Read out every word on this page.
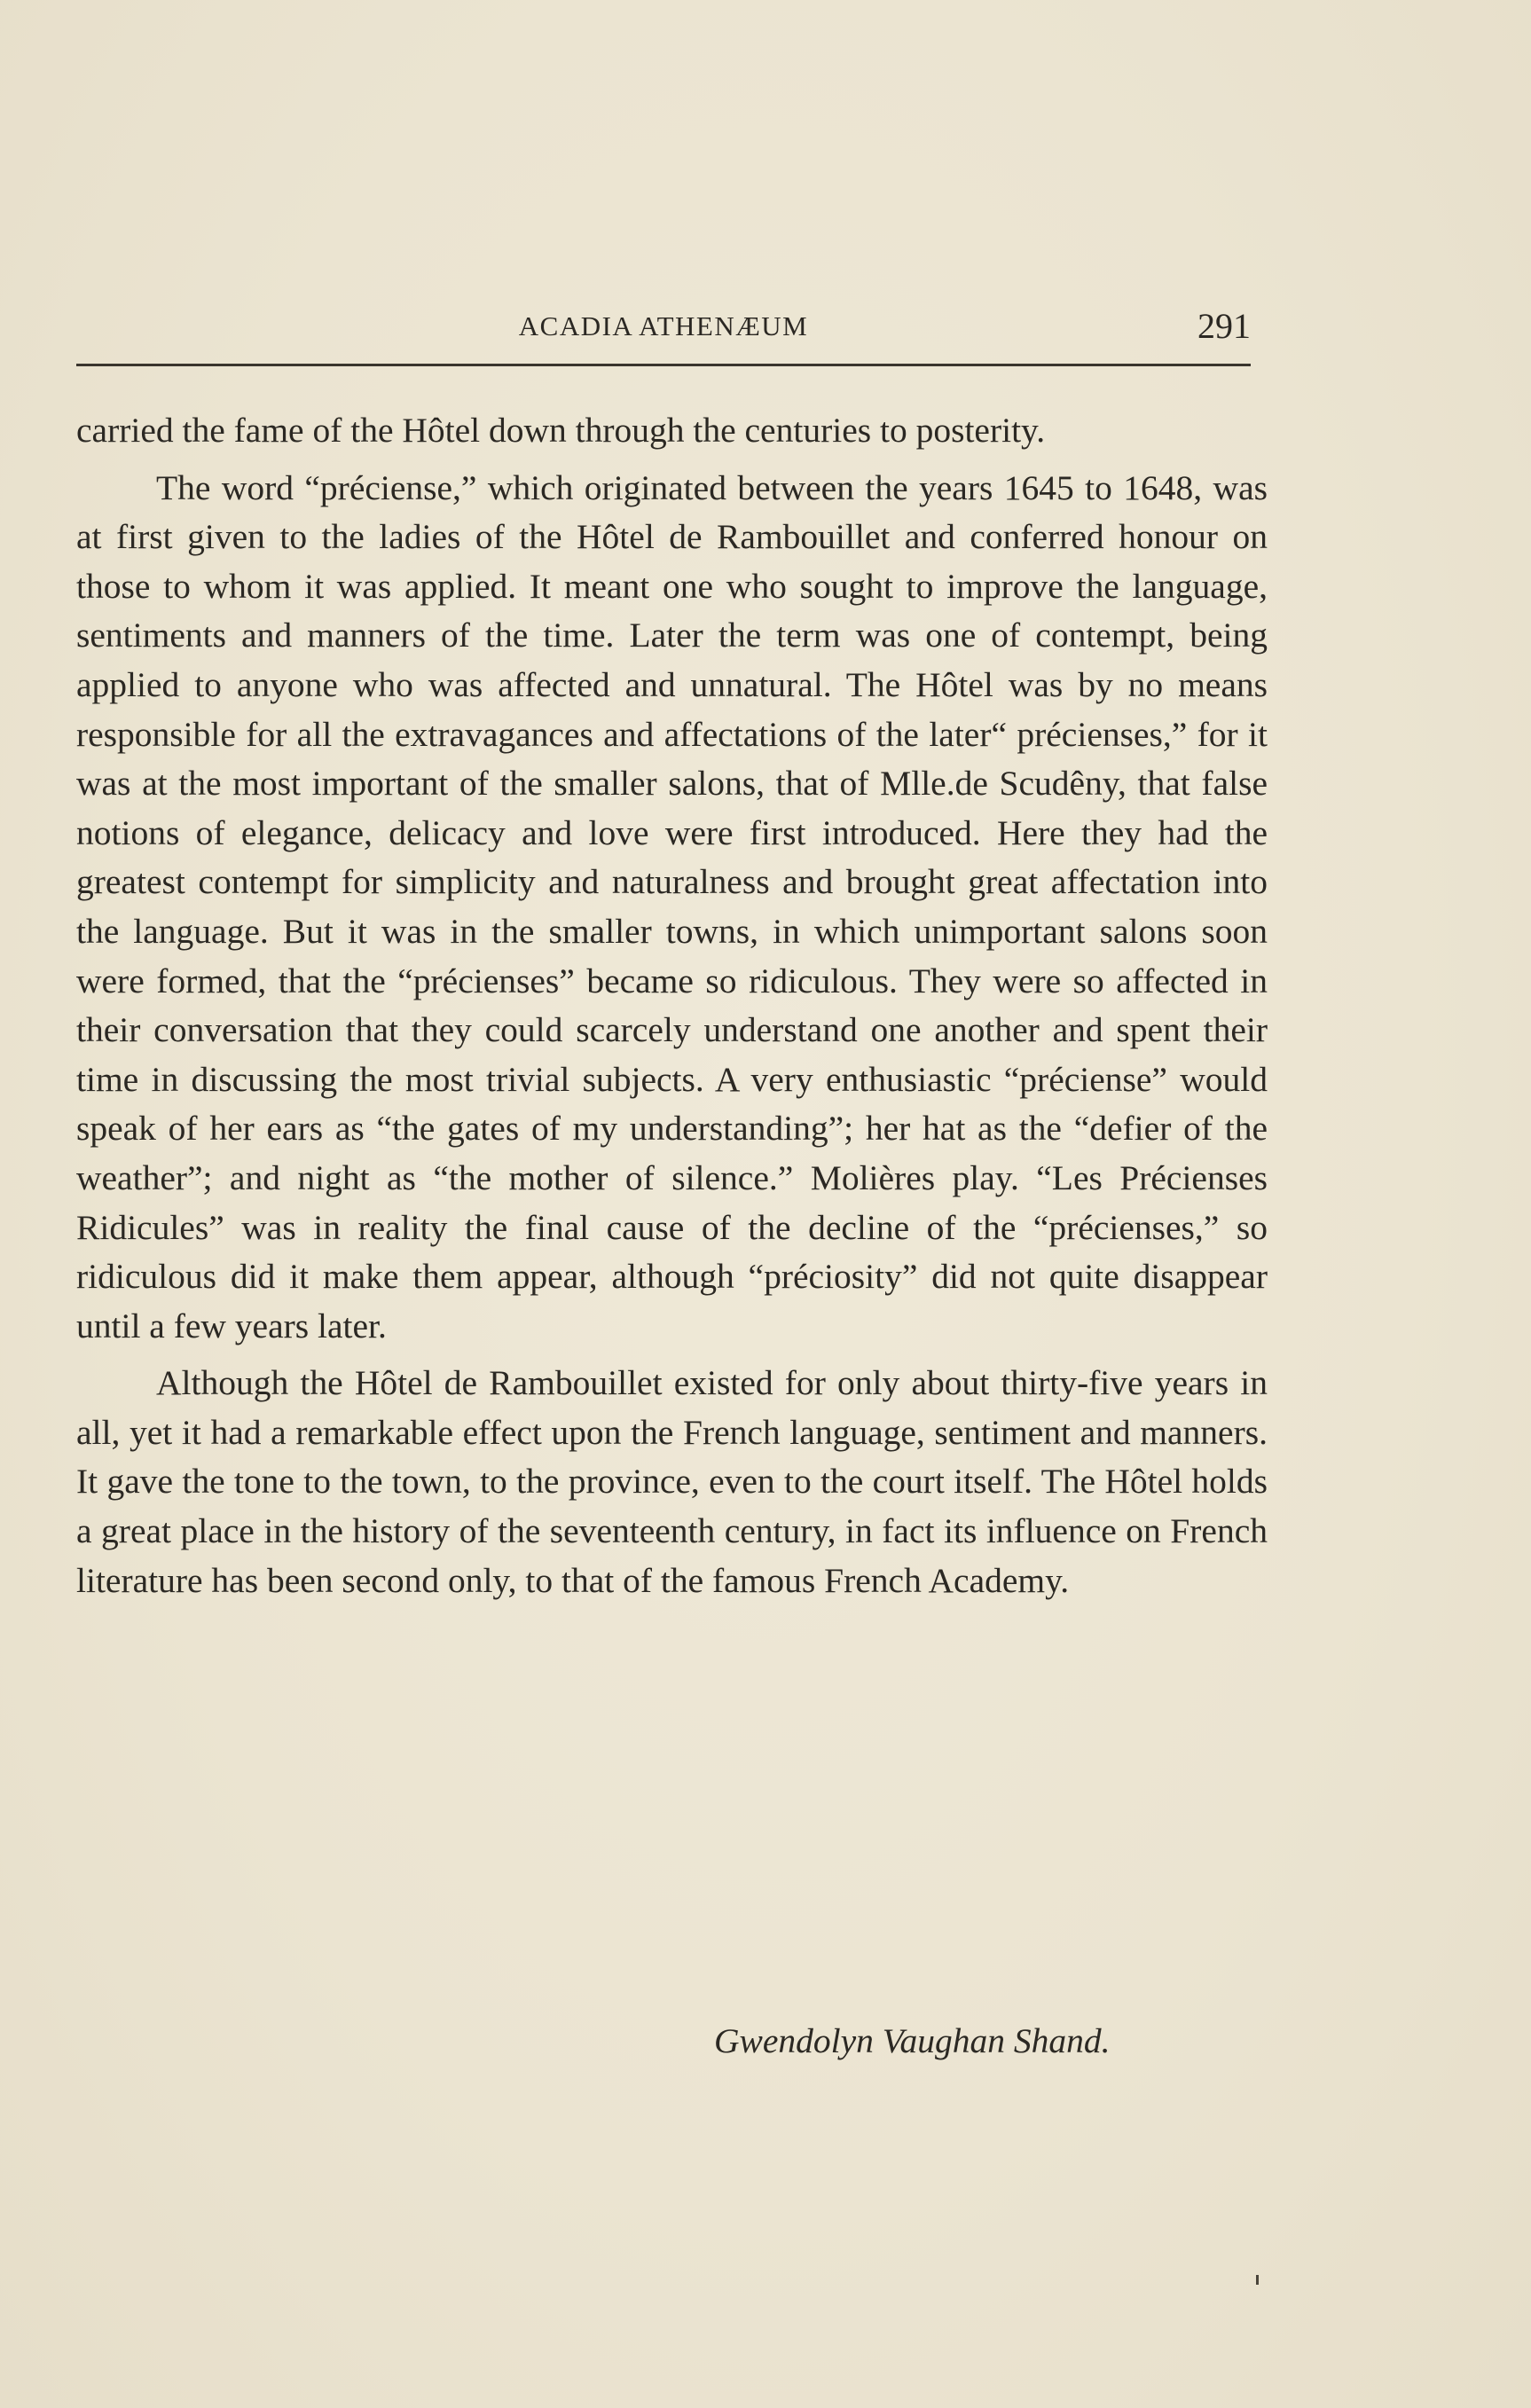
ACADIA ATHENÆUM	291

carried the fame of the Hôtel down through the centuries to posterity.

The word “préciense,” which originated between the years 1645 to 1648, was at first given to the ladies of the Hôtel de Rambouillet and conferred honour on those to whom it was applied. It meant one who sought to improve the language, sentiments and manners of the time. Later the term was one of contempt, being applied to anyone who was affected and unnatural. The Hôtel was by no means responsible for all the extravagances and affectations of the later“ précienses,” for it was at the most important of the smaller salons, that of Mlle.de Scudêny, that false notions of elegance, delicacy and love were first introduced. Here they had the greatest contempt for simplicity and naturalness and brought great affectation into the language. But it was in the smaller towns, in which unimportant salons soon were formed, that the “précienses” became so ridiculous. They were so affected in their conversation that they could scarcely understand one another and spent their time in discussing the most trivial subjects. A very enthusiastic “préciense” would speak of her ears as “the gates of my understanding”; her hat as the “defier of the weather”; and night as “the mother of silence.” Molières play. “Les Précienses Ridicules” was in reality the final cause of the decline of the “précienses,” so ridiculous did it make them appear, although “préciosity” did not quite disappear until a few years later.

Although the Hôtel de Rambouillet existed for only about thirty-five years in all, yet it had a remarkable effect upon the French language, sentiment and manners. It gave the tone to the town, to the province, even to the court itself. The Hôtel holds a great place in the history of the seventeenth century, in fact its influence on French literature has been second only, to that of the famous French Academy.

Gwendolyn Vaughan Shand.
